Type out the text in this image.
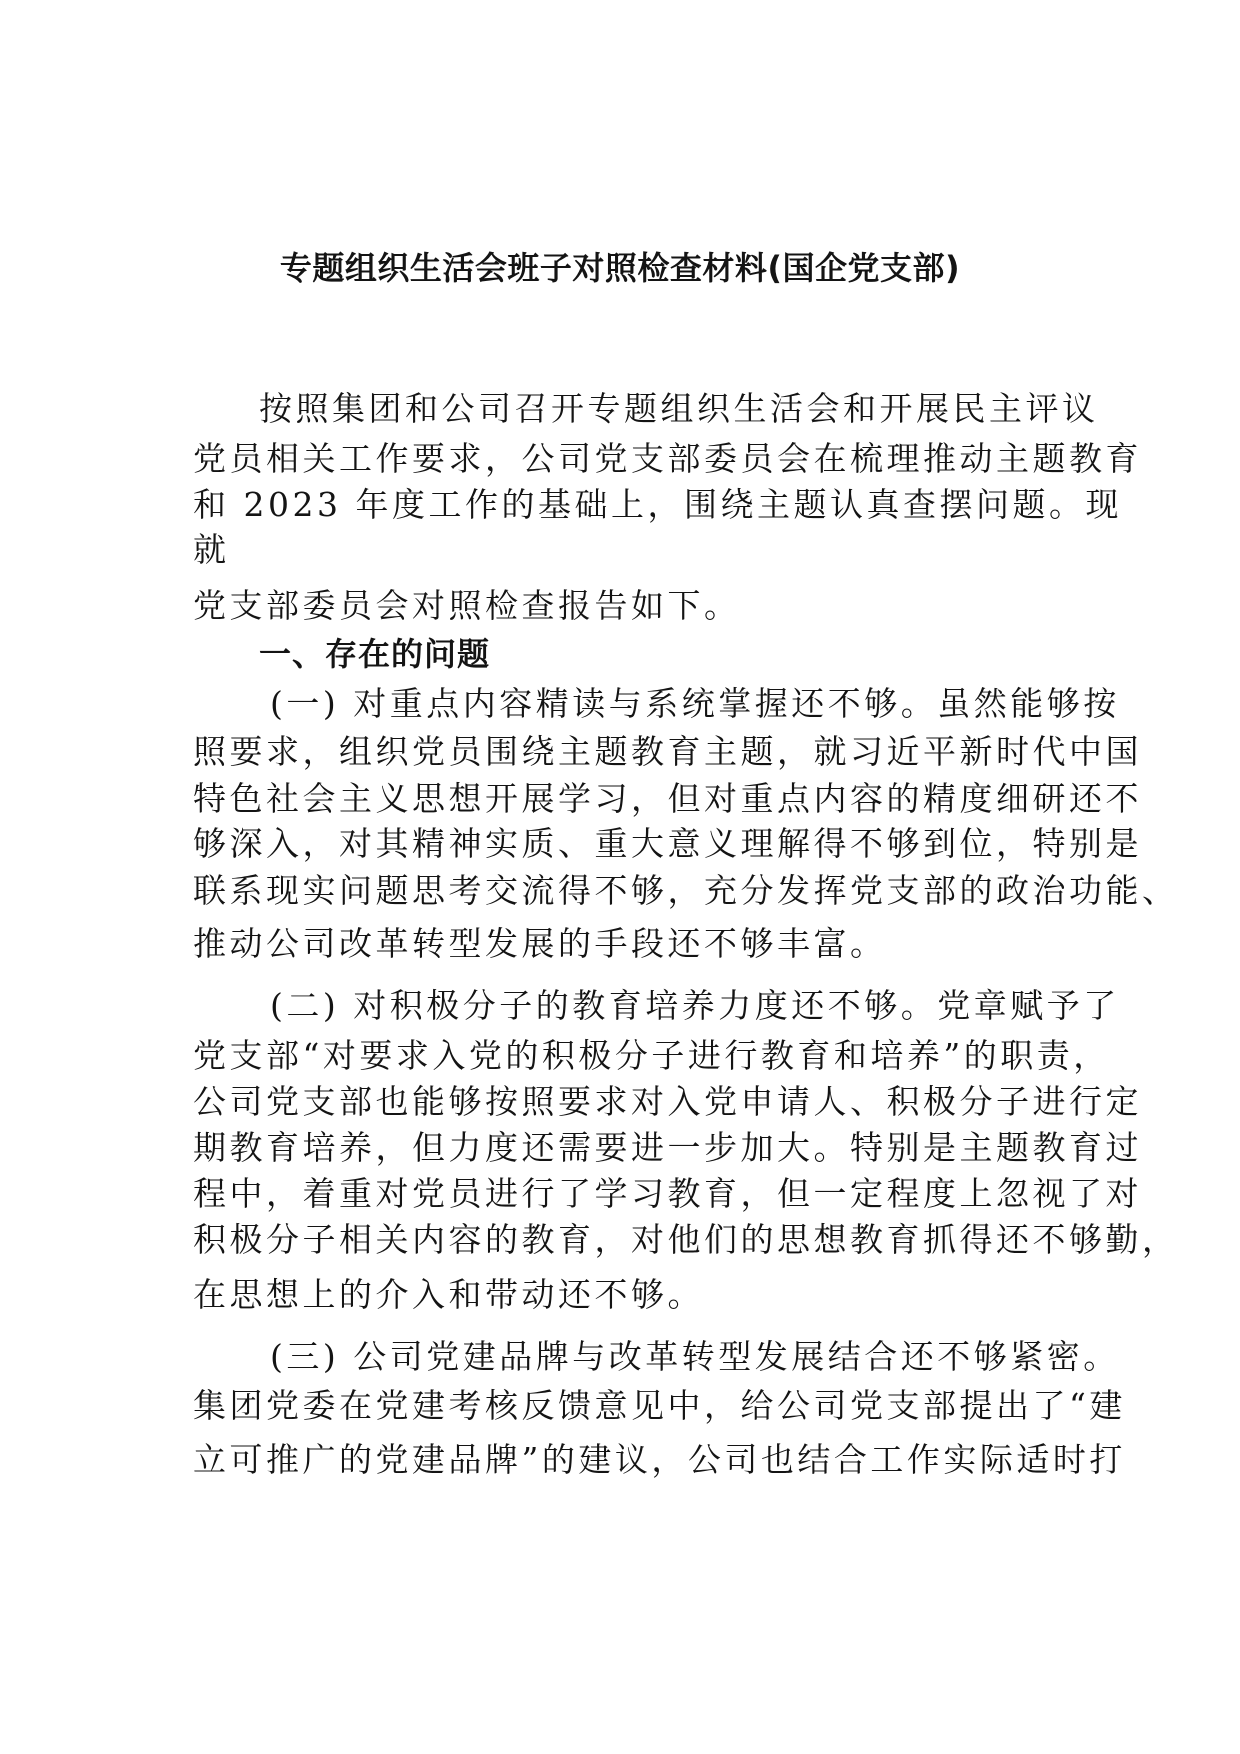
专题组织生活会班子对照检查材料(国企党支部)
按照集团和公司召开专题组织生活会和开展民主评议
党员相关工作要求，公司党支部委员会在梳理推动主题教育
和 2023 年度工作的基础上，围绕主题认真查摆问题。现
就
党支部委员会对照检查报告如下。
一、存在的问题
(一) 对重点内容精读与系统掌握还不够。虽然能够按
照要求，组织党员围绕主题教育主题，就习近平新时代中国
特色社会主义思想开展学习，但对重点内容的精度细研还不
够深入，对其精神实质、重大意义理解得不够到位，特别是
联系现实问题思考交流得不够，充分发挥党支部的政治功能、
推动公司改革转型发展的手段还不够丰富。
(二) 对积极分子的教育培养力度还不够。党章赋予了
党支部“对要求入党的积极分子进行教育和培养”的职责，
公司党支部也能够按照要求对入党申请人、积极分子进行定
期教育培养，但力度还需要进一步加大。特别是主题教育过
程中，着重对党员进行了学习教育，但一定程度上忽视了对
积极分子相关内容的教育，对他们的思想教育抓得还不够勤，
在思想上的介入和带动还不够。
(三) 公司党建品牌与改革转型发展结合还不够紧密。
集团党委在党建考核反馈意见中，给公司党支部提出了“建
立可推广的党建品牌”的建议，公司也结合工作实际适时打
